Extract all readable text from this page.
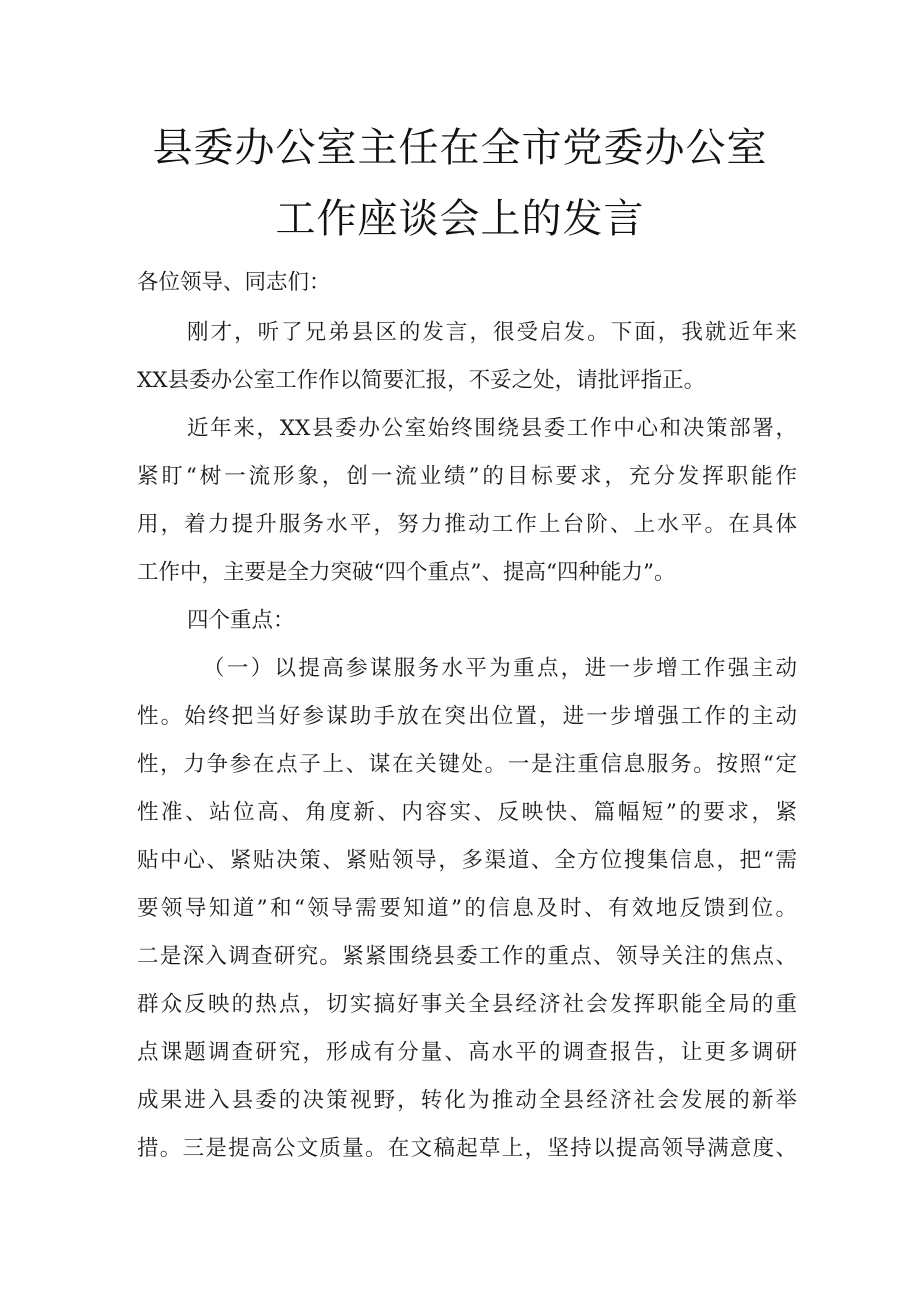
县委办公室主任在全市党委办公室
工作座谈会上的发言
各位领导、同志们：
刚才，听了兄弟县区的发言，很受启发。下面，我就近年来
XX县委办公室工作作以简要汇报，不妥之处，请批评指正。
近年来，XX县委办公室始终围绕县委工作中心和决策部署，
紧盯“树一流形象，创一流业绩”的目标要求，充分发挥职能作
用，着力提升服务水平，努力推动工作上台阶、上水平。在具体
工作中，主要是全力突破“四个重点”、提高“四种能力”。
四个重点：
（一）以提高参谋服务水平为重点，进一步增工作强主动
性。始终把当好参谋助手放在突出位置，进一步增强工作的主动
性，力争参在点子上、谋在关键处。一是注重信息服务。按照“定
性准、站位高、角度新、内容实、反映快、篇幅短”的要求，紧
贴中心、紧贴决策、紧贴领导，多渠道、全方位搜集信息，把“需
要领导知道”和“领导需要知道”的信息及时、有效地反馈到位。
二是深入调查研究。紧紧围绕县委工作的重点、领导关注的焦点、
群众反映的热点，切实搞好事关全县经济社会发挥职能全局的重
点课题调查研究，形成有分量、高水平的调查报告，让更多调研
成果进入县委的决策视野，转化为推动全县经济社会发展的新举
措。三是提高公文质量。在文稿起草上，坚持以提高领导满意度、
